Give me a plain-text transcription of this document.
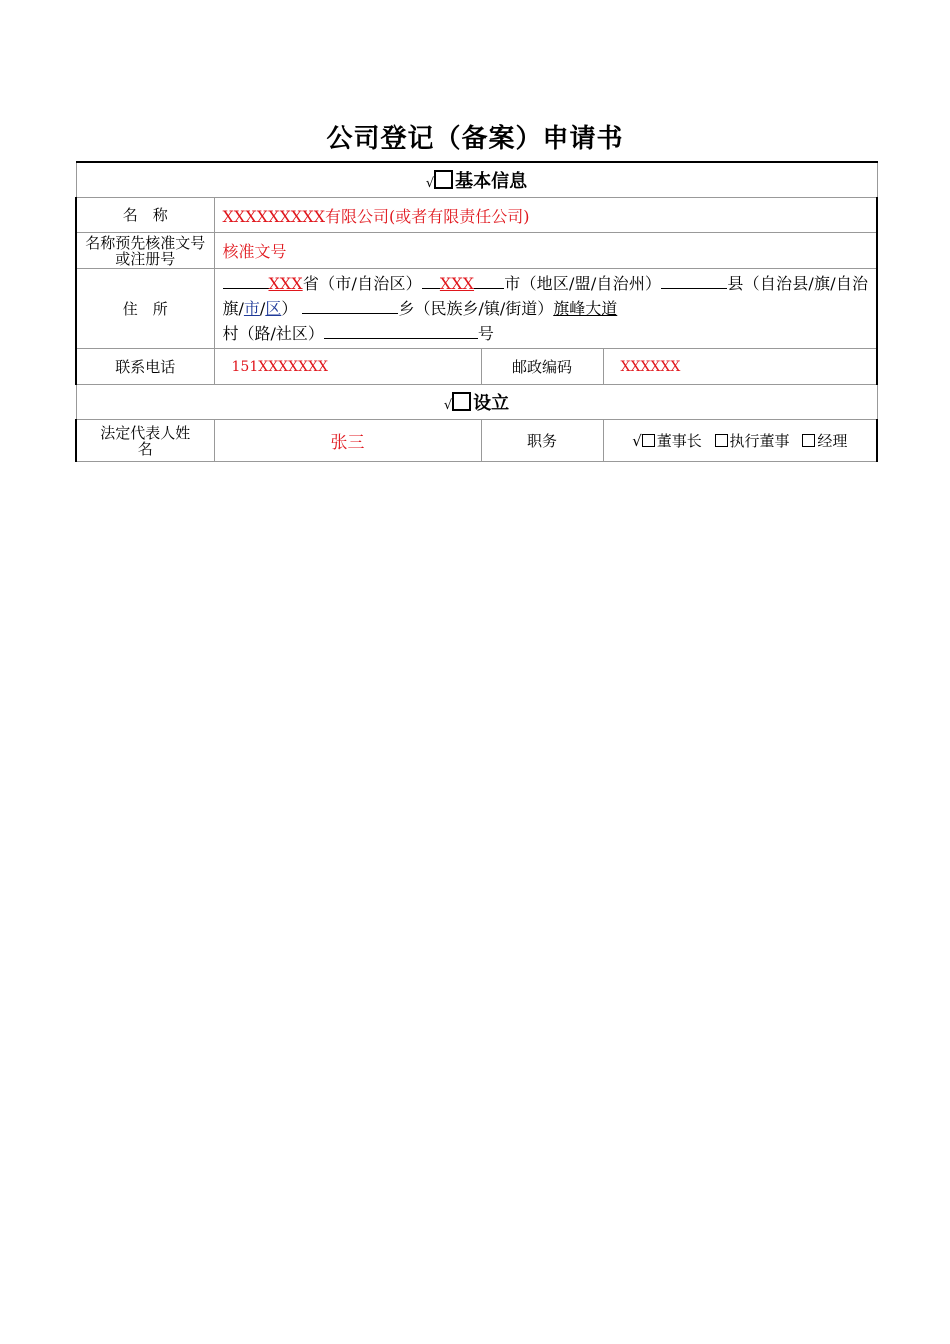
公司登记（备案）申请书
√ 基本信息			
名　称	XXXXXXXXX有限公司(或者有限责任公司)		
名称预先核准文号或注册号	核准文号		
住　所	XXX省（市/自治区） XXX 市（地区/盟/自治州） 县（自治县/旗/自治旗/市/区） 乡（民族乡/镇/街道）旗峰大道
村（路/社区） 号		
联系电话	151XXXXXXX	邮政编码	XXXXXX
√ 设立			
法定代表人姓名	张三	职务	√ 董事长 执行董事 经理
